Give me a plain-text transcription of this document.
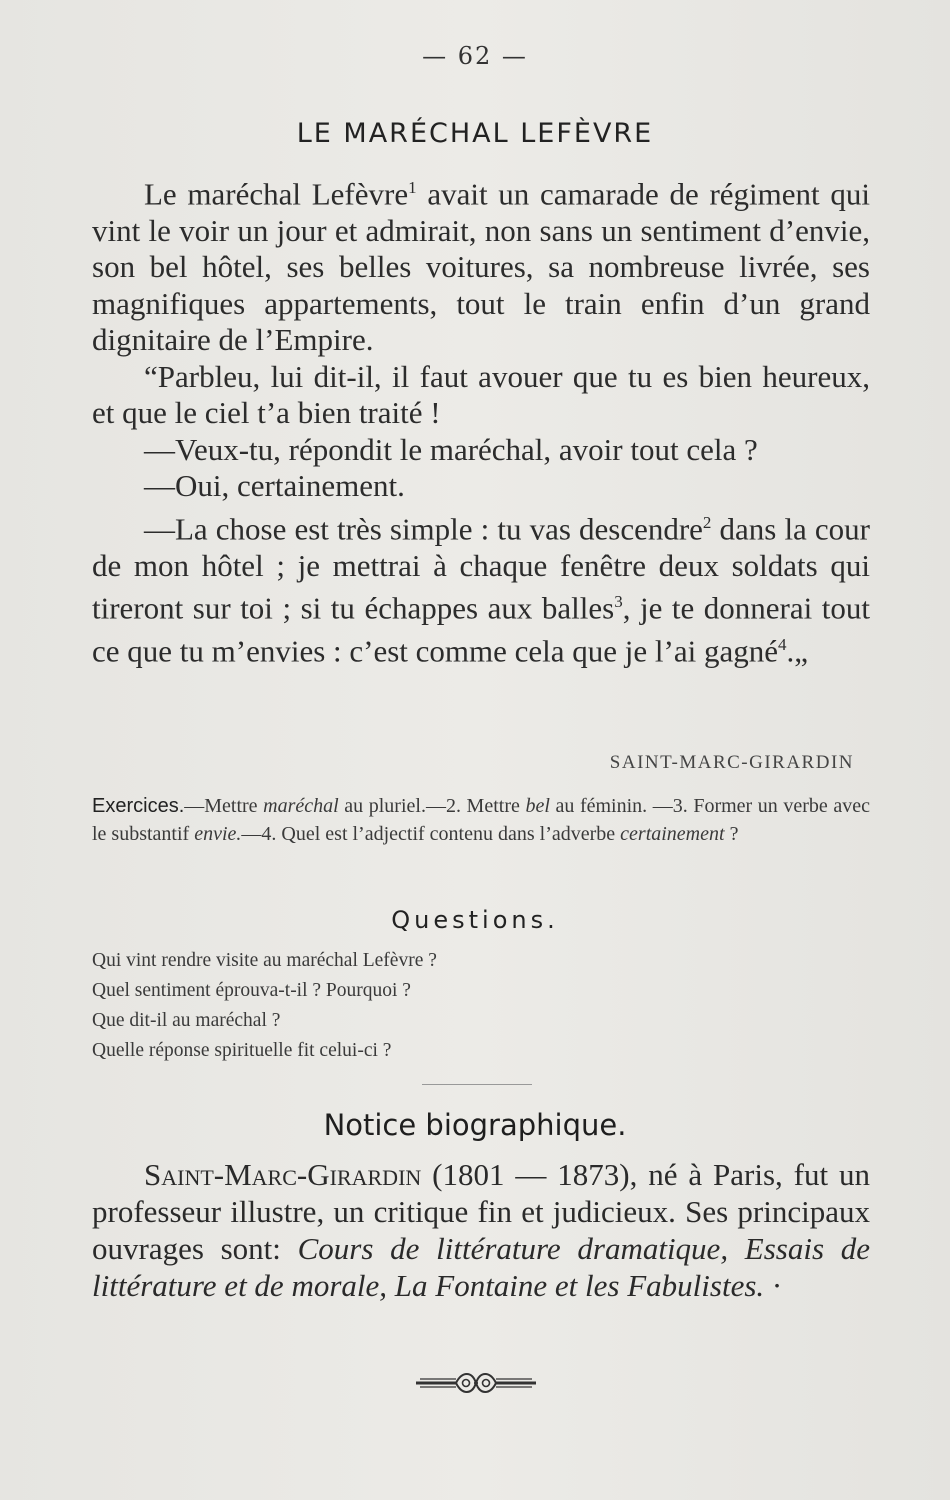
— 62 —
LE MARÉCHAL LEFÈVRE

Le maréchal Lefèvre$^1$ avait un camarade de régiment qui vint le voir un jour et admirait, non sans un sentiment d’envie, son bel hôtel, ses belles voitures, sa nombreuse livrée, ses magnifiques appartements, tout le train enfin d’un grand dignitaire de l’Empire.

“Parbleu, lui dit-il, il faut avouer que tu es bien heureux, et que le ciel t’a bien traité !

—Veux-tu, répondit le maréchal, avoir tout cela ?

—Oui, certainement.

—La chose est très simple : tu vas descendre$^2$ dans la cour de mon hôtel ; je mettrai à chaque fenêtre deux soldats qui tireront sur toi ; si tu échappes aux balles$^3$, je te donnerai tout ce que tu m’envies : c’est comme cela que je l’ai gagné$^4$.„

SAINT-MARC-GIRARDIN
Exercices.—Mettre maréchal au pluriel.—2. Mettre bel au féminin. —3. Former un verbe avec le substantif envie.—4. Quel est l’adjectif contenu dans l’adverbe certainement ?
Questions.
Qui vint rendre visite au maréchal Lefèvre ?
Quel sentiment éprouva-t-il ? Pourquoi ?
Que dit-il au maréchal ?
Quelle réponse spirituelle fit celui-ci ?
Notice biographique.

Saint-Marc-Girardin (1801 — 1873), né à Paris, fut un professeur illustre, un critique fin et judicieux. Ses principaux ouvrages sont: Cours de littérature dramatique, Essais de littérature et de morale, La Fontaine et les Fabulistes. ·
